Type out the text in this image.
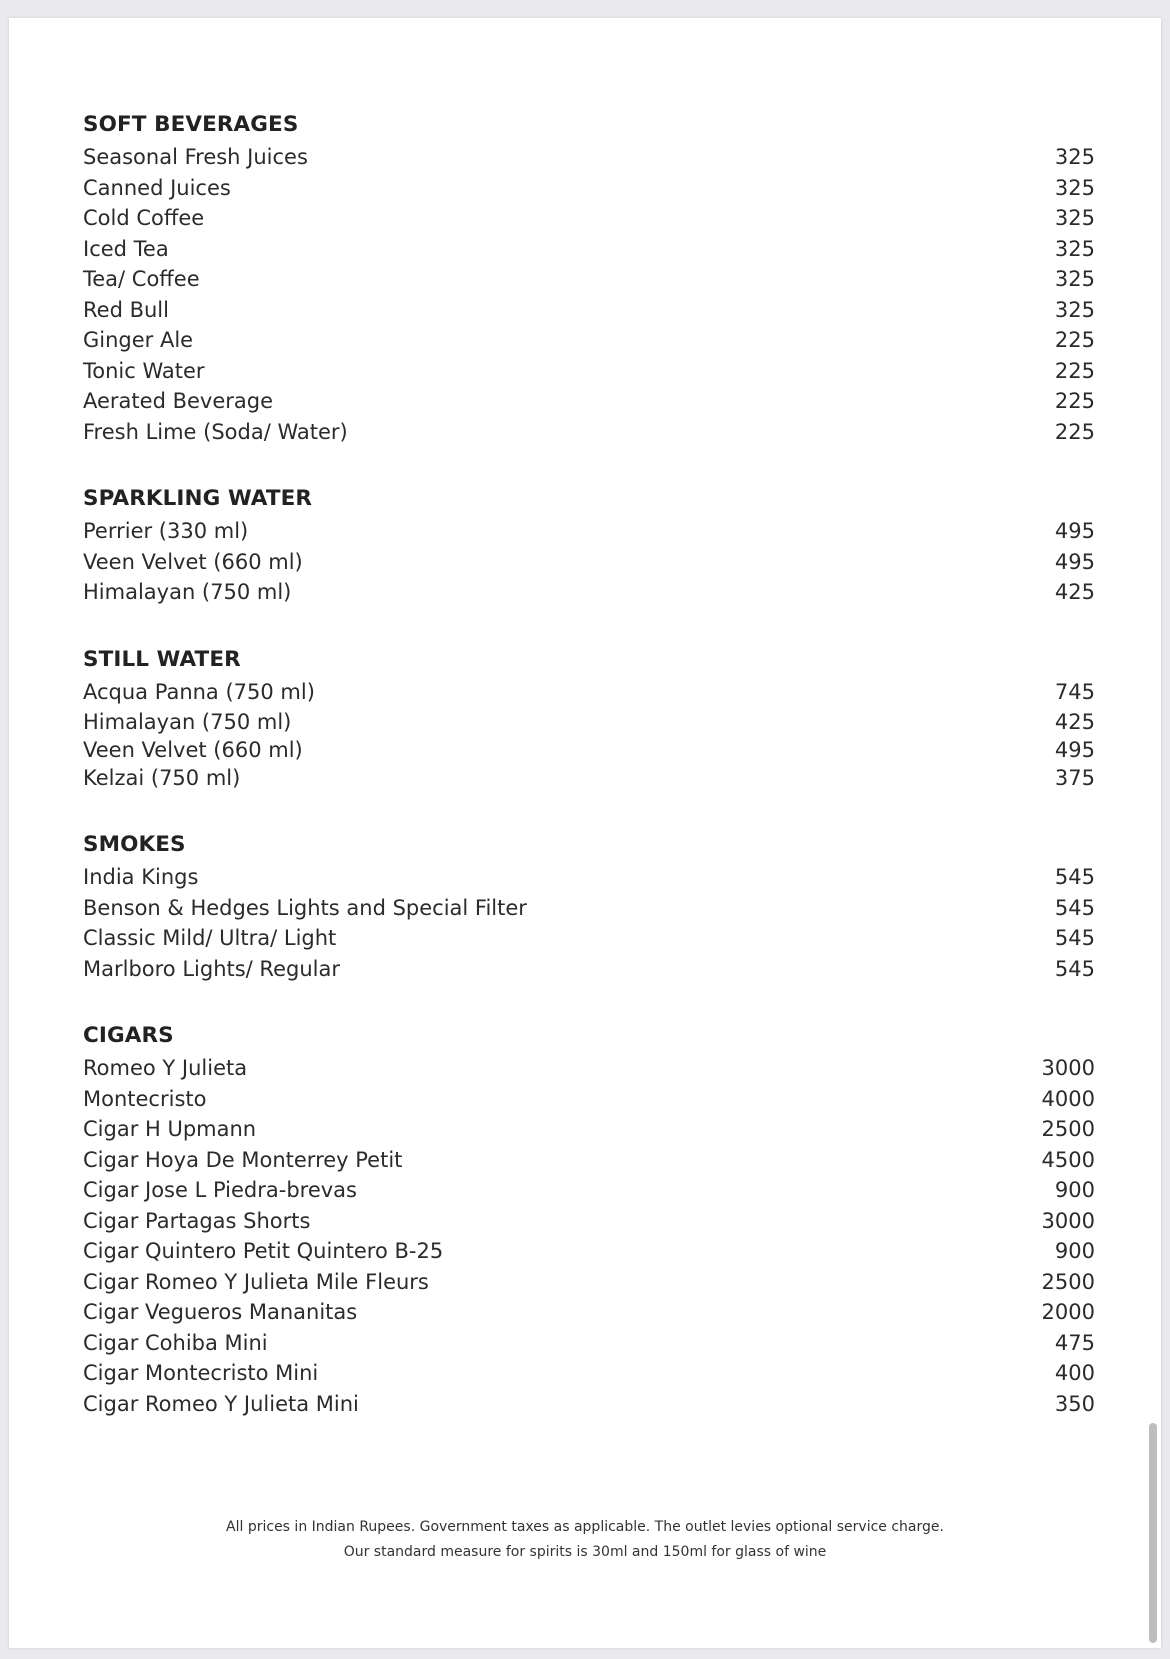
SOFT BEVERAGES
Seasonal Fresh Juices	325
Canned Juices	325
Cold Coffee	325
Iced Tea	325
Tea/ Coffee	325
Red Bull	325
Ginger Ale	225
Tonic Water	225
Aerated Beverage	225
Fresh Lime (Soda/ Water)	225
SPARKLING WATER
Perrier (330 ml)	495
Veen Velvet (660 ml)	495
Himalayan (750 ml)	425
STILL WATER
Acqua Panna (750 ml)	745
Himalayan (750 ml)	425
Veen Velvet (660 ml)	495
Kelzai (750 ml)	375
SMOKES
India Kings	545
Benson & Hedges Lights and Special Filter	545
Classic Mild/ Ultra/ Light	545
Marlboro Lights/ Regular	545
CIGARS
Romeo Y Julieta	3000
Montecristo	4000
Cigar H Upmann	2500
Cigar Hoya De Monterrey Petit	4500
Cigar Jose L Piedra-brevas	900
Cigar Partagas Shorts	3000
Cigar Quintero Petit Quintero B-25	900
Cigar Romeo Y Julieta Mile Fleurs	2500
Cigar Vegueros Mananitas	2000
Cigar Cohiba Mini	475
Cigar Montecristo Mini	400
Cigar Romeo Y Julieta Mini	350
All prices in Indian Rupees. Government taxes as applicable. The outlet levies optional service charge.
Our standard measure for spirits is 30ml and 150ml for glass of wine
